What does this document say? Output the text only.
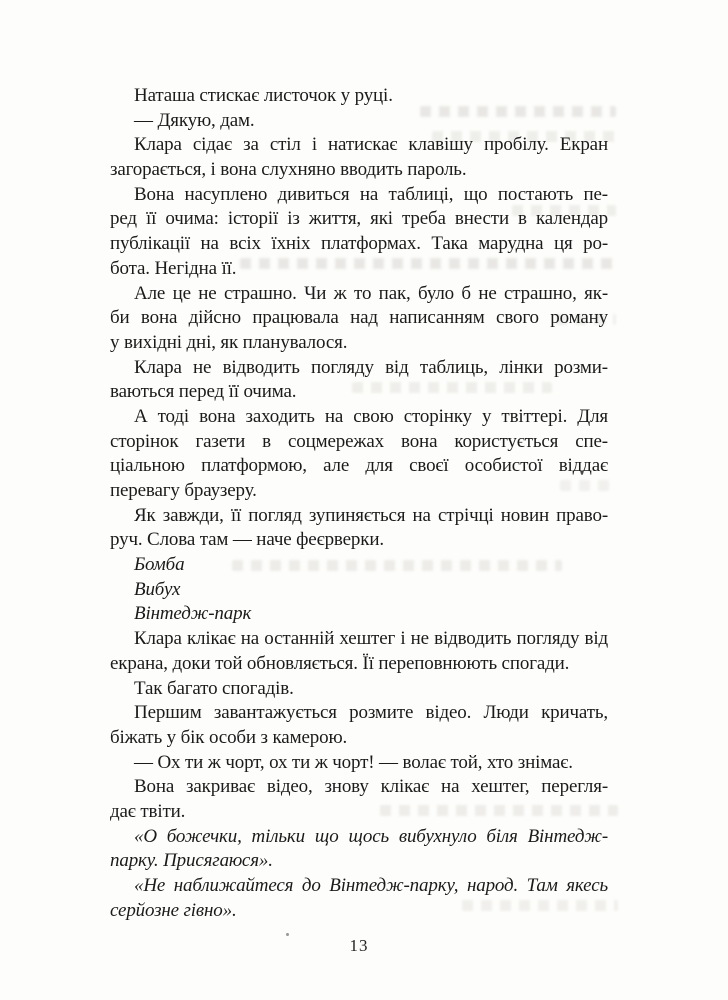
Наташа стискає листочок у руці.
— Дякую, дам.
Клара сідає за стіл і натискає клавішу пробілу. Екран
загорається, і вона слухняно вводить пароль.
Вона насуплено дивиться на таблиці, що постають пе-
ред її очима: історії із життя, які треба внести в календар
публікації на всіх їхніх платформах. Така марудна ця ро-
бота. Негідна її.
Але це не страшно. Чи ж то пак, було б не страшно, як-
би вона дійсно працювала над написанням свого роману
у вихідні дні, як планувалося.
Клара не відводить погляду від таблиць, лінки розми-
ваються перед її очима.
А тоді вона заходить на свою сторінку у твіттері. Для
сторінок газети в соцмережах вона користується спе-
ціальною платформою, але для своєї особистої віддає
перевагу браузеру.
Як завжди, її погляд зупиняється на стрічці новин право-
руч. Слова там — наче феєрверки.
Бомба
Вибух
Вінтедж-парк
Клара клікає на останній хештег і не відводить погляду від
екрана, доки той обновляється. Її переповнюють спогади.
Так багато спогадів.
Першим завантажується розмите відео. Люди кричать,
біжать у бік особи з камерою.
— Ох ти ж чорт, ох ти ж чорт! — волає той, хто знімає.
Вона закриває відео, знову клікає на хештег, перегля-
дає твіти.
«О божечки, тільки що щось вибухнуло біля Вінтедж-
парку. Присягаюся».
«Не наближайтеся до Вінтедж-парку, народ. Там якесь
серйозне гівно».
13
